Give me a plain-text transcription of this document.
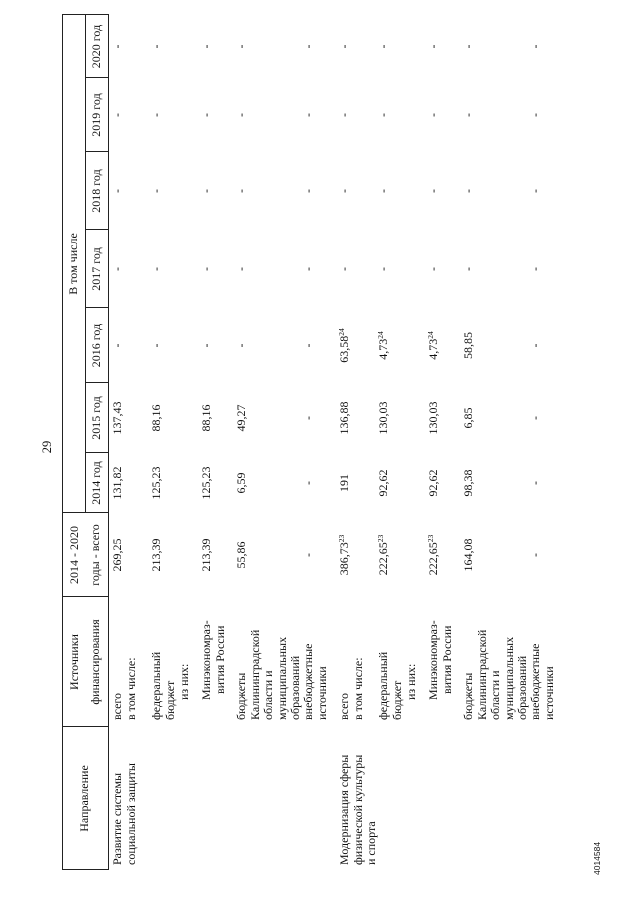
29
Направление
Источники финансирования
2014 - 2020 годы - всего
В том числе
2014 год
2015 год
2016 год
2017 год
2018 год
2019 год
2020 год
Развитие системы социальной защиты
всего
269,25
131,82
137,43
-
-
-
-
-
в том числе: федеральный бюджет
213,39
125,23
88,16
-
-
-
-
-
из них: Минэкономраз- вития России
213,39
125,23
88,16
-
-
-
-
-
бюджеты Калининградской области и муниципальных образований
55,86
6,59
49,27
-
-
-
-
-
внебюджетные источники
-
-
-
-
-
-
-
-
Модернизация сферы физической культуры и спорта
всего
386,73$^{23}$
191
136,88
63,58$^{24}$
-
-
-
-
в том числе: федеральный бюджет
222,65$^{23}$
92,62
130,03
4,73$^{24}$
-
-
-
-
из них: Минэкономраз- вития России
222,65$^{23}$
92,62
130,03
4,73$^{24}$
-
-
-
-
бюджеты Калининградской области и муниципальных образований
164,08
98,38
6,85
58,85
-
-
-
-
внебюджетные источники
-
-
-
-
-
-
-
-
4014584
